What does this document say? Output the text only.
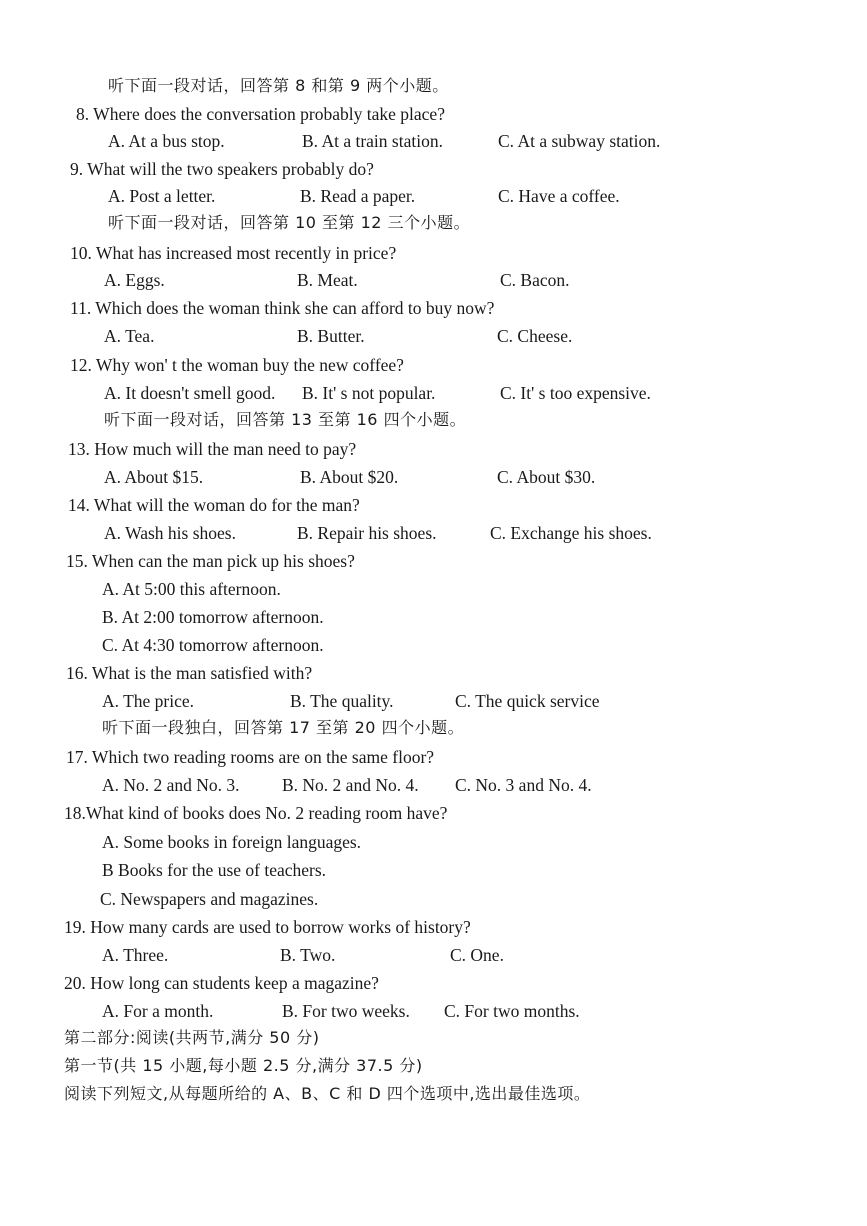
听下面一段对话，回答第 8 和第 9 两个小题。
8. Where does the conversation probably take place?
A. At a bus stop.	B. At a train station.	C. At a subway station.
9. What will the two speakers probably do?
A. Post a letter.	B. Read a paper.	C. Have a coffee.
听下面一段对话，回答第 10 至第 12 三个小题。
10. What has increased most recently in price?
A. Eggs.	B. Meat.	C. Bacon.
11. Which does the woman think she can afford to buy now?
A. Tea.	B. Butter.	C. Cheese.
12. Why won' t the woman buy the new coffee?
A. It doesn't smell good. B. It' s not popular.	C. It' s too expensive.
听下面一段对话，回答第 13 至第 16 四个小题。
13. How much will the man need to pay?
A. About $15.	B. About $20.	C. About $30.
14. What will the woman do for the man?
A. Wash his shoes.	B. Repair his shoes.	C. Exchange his shoes.
15. When can the man pick up his shoes?
A. At 5:00 this afternoon.
B. At 2:00 tomorrow afternoon.
C. At 4:30 tomorrow afternoon.
16. What is the man satisfied with?
A. The price.	B. The quality.	C. The quick service
听下面一段独白，回答第 17 至第 20 四个小题。
17. Which two reading rooms are on the same floor?
A. No. 2 and No. 3. B. No. 2 and No. 4. C. No. 3 and No. 4.
18.What kind of books does No. 2 reading room have?
A. Some books in foreign languages.
B Books for the use of teachers.
C. Newspapers and magazines.
19. How many cards are used to borrow works of history?
A. Three.	B. Two.	C. One.
20. How long can students keep a magazine?
A. For a month.	B. For two weeks. C. For two months.
第二部分:阅读(共两节,满分 50 分)
第一节(共 15 小题,每小题 2.5 分,满分 37.5 分)
阅读下列短文,从每题所给的 A、B、C 和 D 四个选项中,选出最佳选项。
